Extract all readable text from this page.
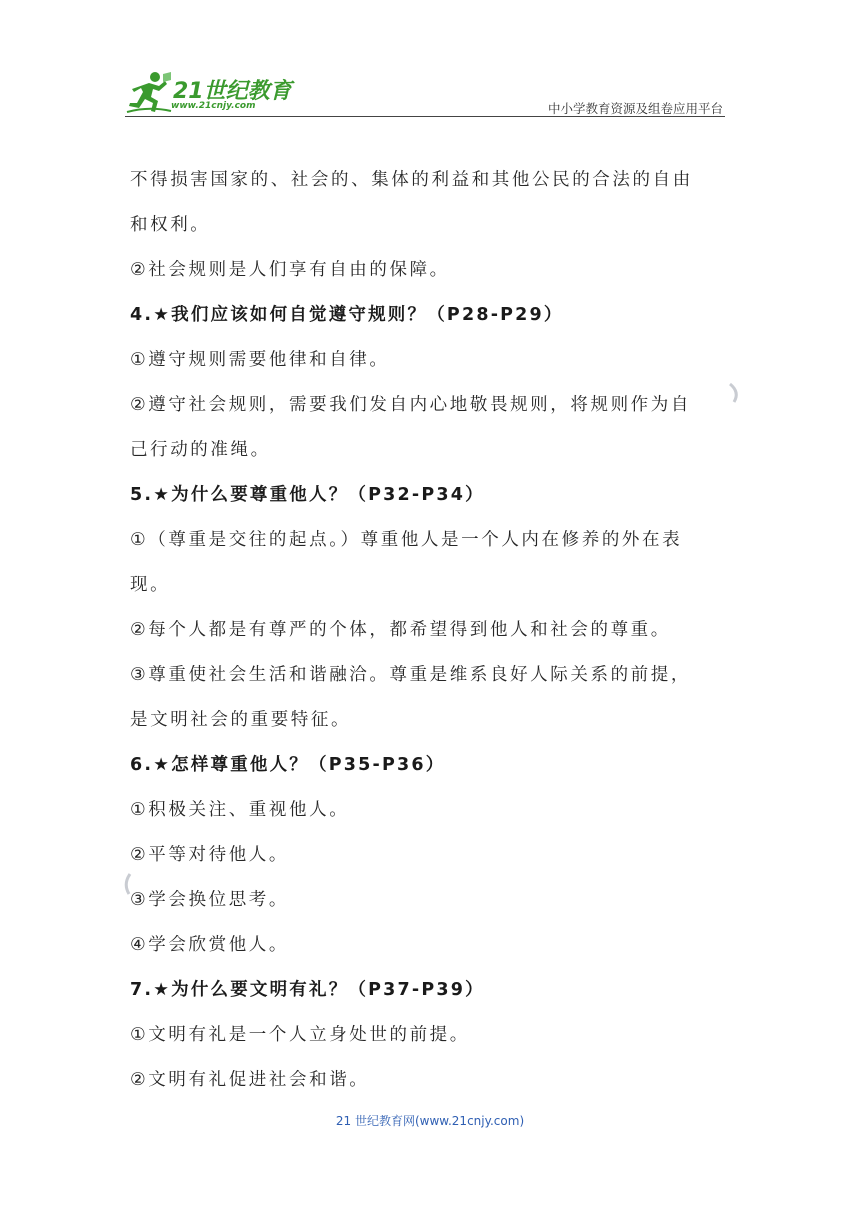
21世纪教育
www.21cnjy.com	中小学教育资源及组卷应用平台
不得损害国家的、社会的、集体的利益和其他公民的合法的自由
和权利。
②社会规则是人们享有自由的保障。
4.★我们应该如何自觉遵守规则？（P28-P29）
①遵守规则需要他律和自律。
②遵守社会规则，需要我们发自内心地敬畏规则，将规则作为自
己行动的准绳。
5.★为什么要尊重他人？（P32-P34）
①（尊重是交往的起点。）尊重他人是一个人内在修养的外在表
现。
②每个人都是有尊严的个体，都希望得到他人和社会的尊重。
③尊重使社会生活和谐融洽。尊重是维系良好人际关系的前提，
是文明社会的重要特征。
6.★怎样尊重他人？（P35-P36）
①积极关注、重视他人。
②平等对待他人。
③学会换位思考。
④学会欣赏他人。
7.★为什么要文明有礼？（P37-P39）
①文明有礼是一个人立身处世的前提。
②文明有礼促进社会和谐。
21 世纪教育网(www.21cnjy.com)
